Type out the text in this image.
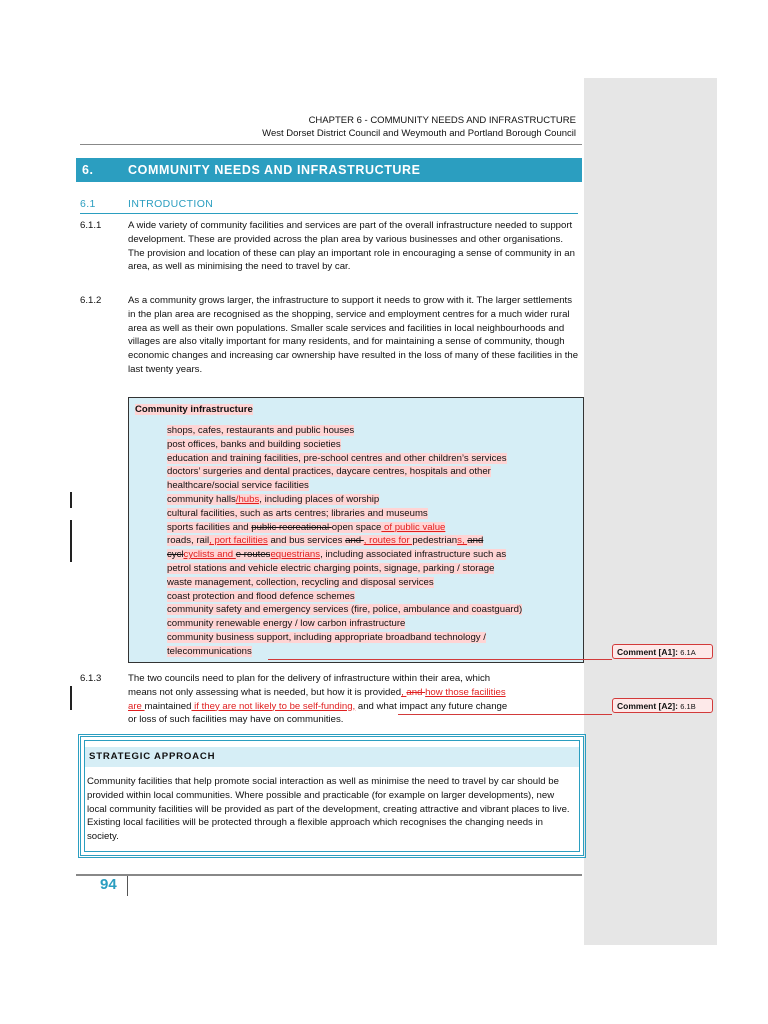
CHAPTER 6 - COMMUNITY NEEDS AND INFRASTRUCTURE
West Dorset District Council and Weymouth and Portland Borough Council
6.	COMMUNITY NEEDS AND INFRASTRUCTURE
6.1	INTRODUCTION
6.1.1	A wide variety of community facilities and services are part of the overall infrastructure needed to support development. These are provided across the plan area by various businesses and other organisations. The provision and location of these can play an important role in encouraging a sense of community in an area, as well as minimising the need to travel by car.
6.1.2	As a community grows larger, the infrastructure to support it needs to grow with it. The larger settlements in the plan area are recognised as the shopping, service and employment centres for a much wider rural area as well as their own populations. Smaller scale services and facilities in local neighbourhoods and villages are also vitally important for many residents, and for maintaining a sense of community, though economic changes and increasing car ownership have resulted in the loss of many of these facilities in the last twenty years.
Community infrastructure
shops, cafes, restaurants and public houses
post offices, banks and building societies
education and training facilities, pre-school centres and other children’s services
doctors’ surgeries and dental practices, daycare centres, hospitals and other
healthcare/social service facilities
community halls/hubs, including places of worship
cultural facilities, such as arts centres; libraries and museums
sports facilities and public recreational open space of public value
roads, rail, port facilities and bus services and , routes for pedestrians, and
cyclcyclists and e routesequestrians, including associated infrastructure such as
petrol stations and vehicle electric charging points, signage, parking / storage
waste management, collection, recycling and disposal services
coast protection and flood defence schemes
community safety and emergency services (fire, police, ambulance and coastguard)
community renewable energy / low carbon infrastructure
community business support, including appropriate broadband technology /
telecommunications
6.1.3	The two councils need to plan for the delivery of infrastructure within their area, which
means not only assessing what is needed, but how it is provided, and how those facilities
are maintained if they are not likely to be self-funding, and what impact any future change
or loss of such facilities may have on communities.
Comment [A1]: 6.1A
Comment [A2]: 6.1B
STRATEGIC APPROACH
Community facilities that help promote social interaction as well as minimise the need to travel by car should be provided within local communities. Where possible and practicable (for example on larger developments), new local community facilities will be provided as part of the development, creating attractive and vibrant places to live. Existing local facilities will be protected through a flexible approach which recognises the changing needs in society.
94
